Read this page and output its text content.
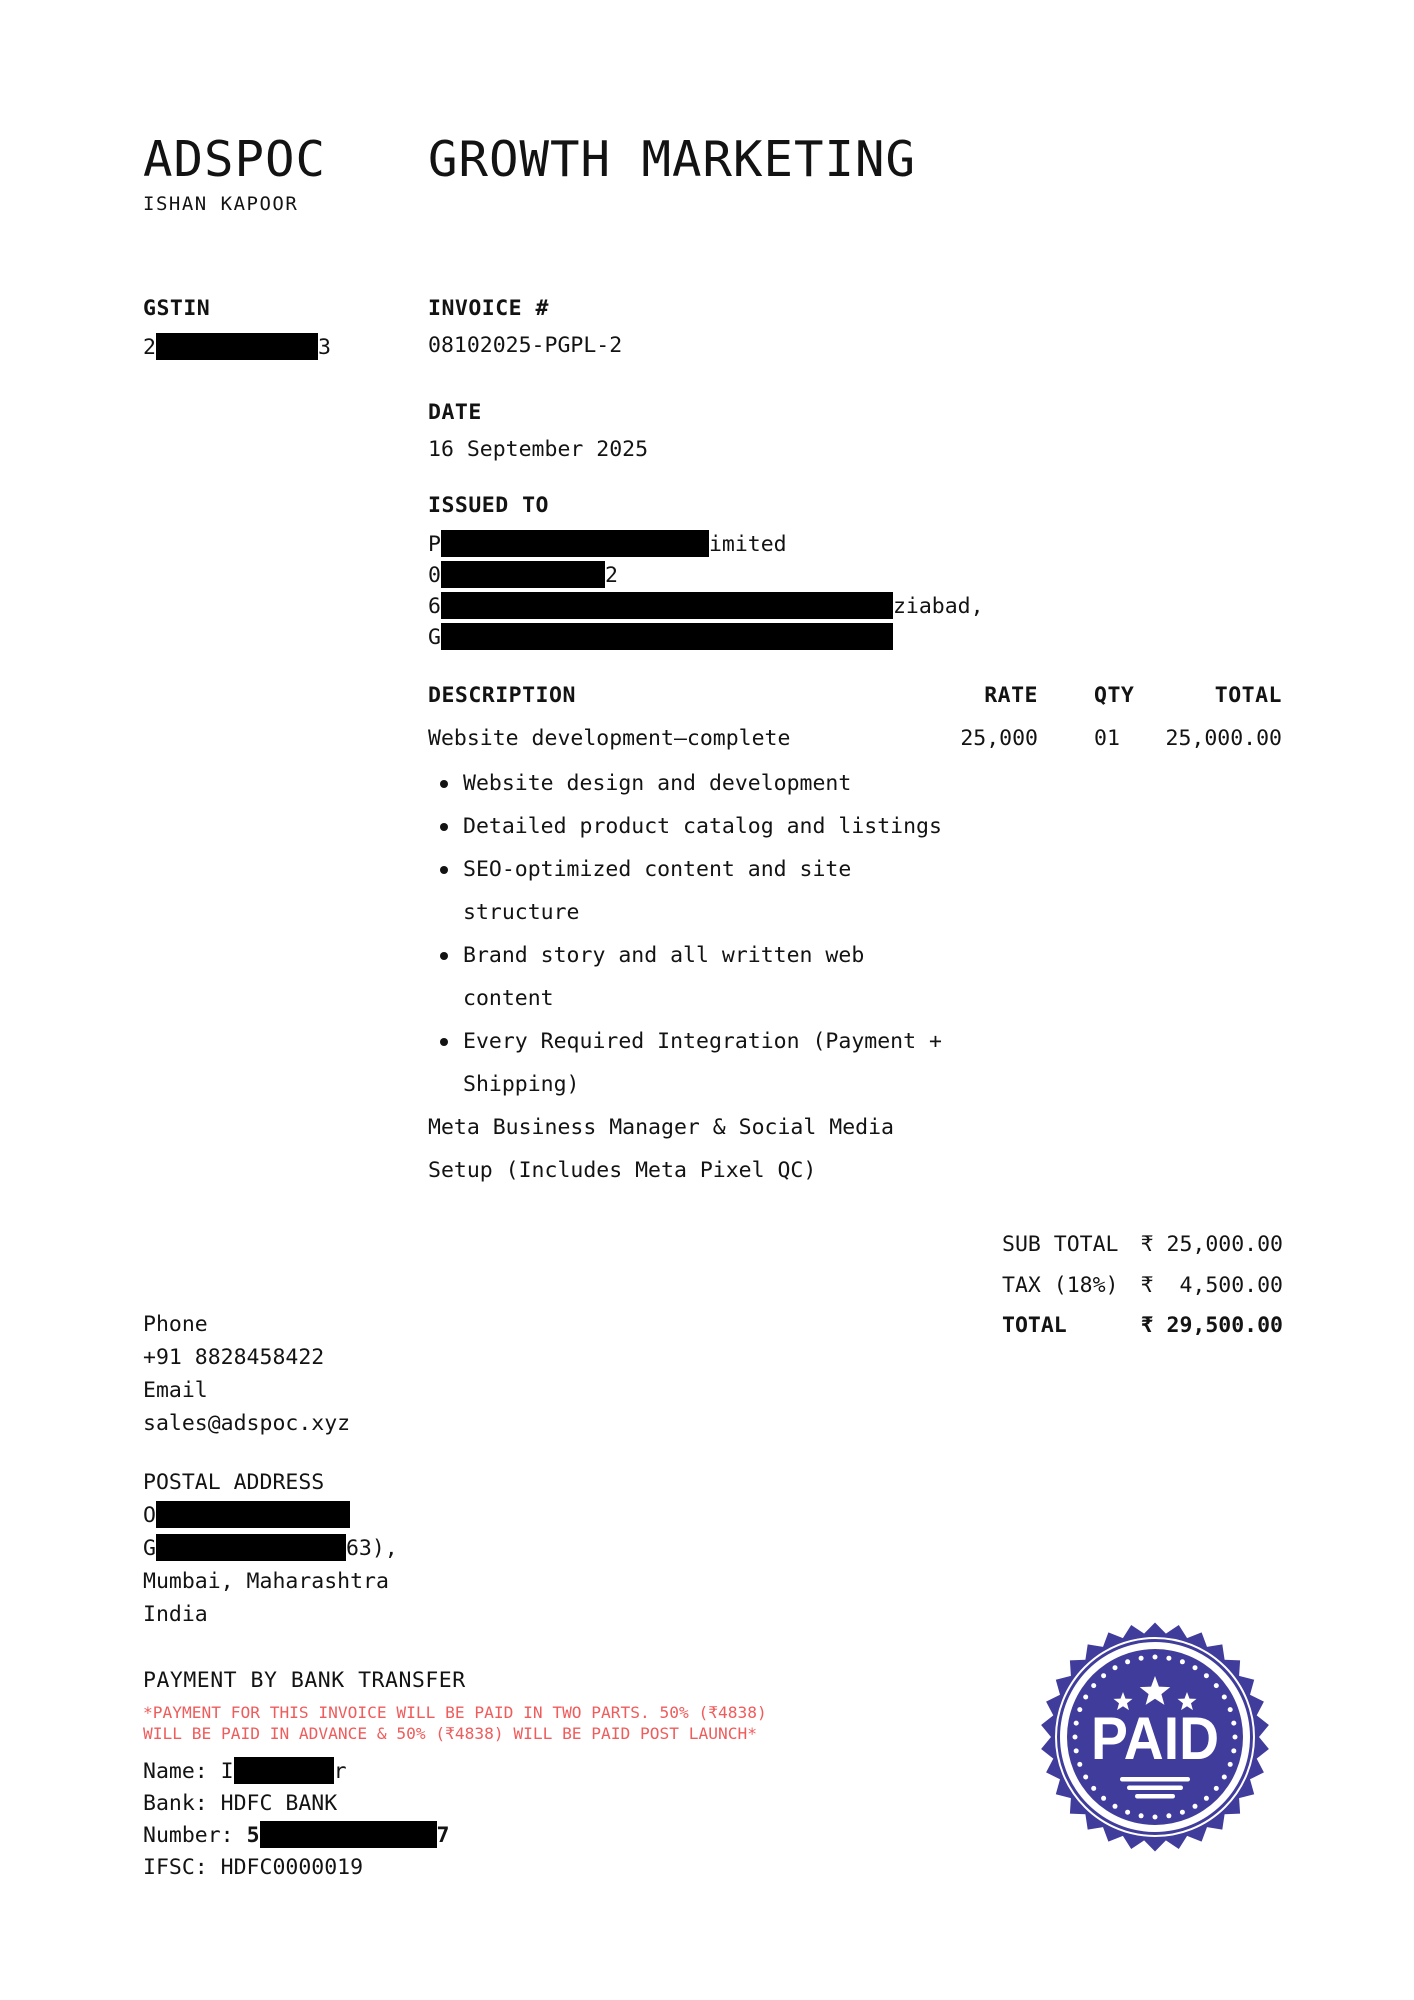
ADSPOC
ISHAN KAPOOR
GROWTH MARKETING
GSTIN
2	3
INVOICE #
08102025-PGPL-2
DATE
16 September 2025
ISSUED TO
P	imited
0	2
6	ziabad,
G
DESCRIPTION	RATE	QTY	TOTAL
Website development—complete	25,000	01	25,000.00
Website design and development
Detailed product catalog and listings
SEO-optimized content and site structure
Brand story and all written web content
Every Required Integration (Payment + Shipping)
Meta Business Manager & Social Media Setup (Includes Meta Pixel QC)
SUB TOTAL ₹ 25,000.00
TAX (18%) ₹  4,500.00
TOTAL	₹ 29,500.00
Phone
+91 8828458422
Email
sales@adspoc.xyz
POSTAL ADDRESS
O
G	63),
Mumbai, Maharashtra
India
PAYMENT BY BANK TRANSFER
*PAYMENT FOR THIS INVOICE WILL BE PAID IN TWO PARTS. 50% (₹4838)
WILL BE PAID IN ADVANCE & 50% (₹4838) WILL BE PAID POST LAUNCH*
Name: I	r
Bank: HDFC BANK
Number: 5	7
IFSC: HDFC0000019
PAID
